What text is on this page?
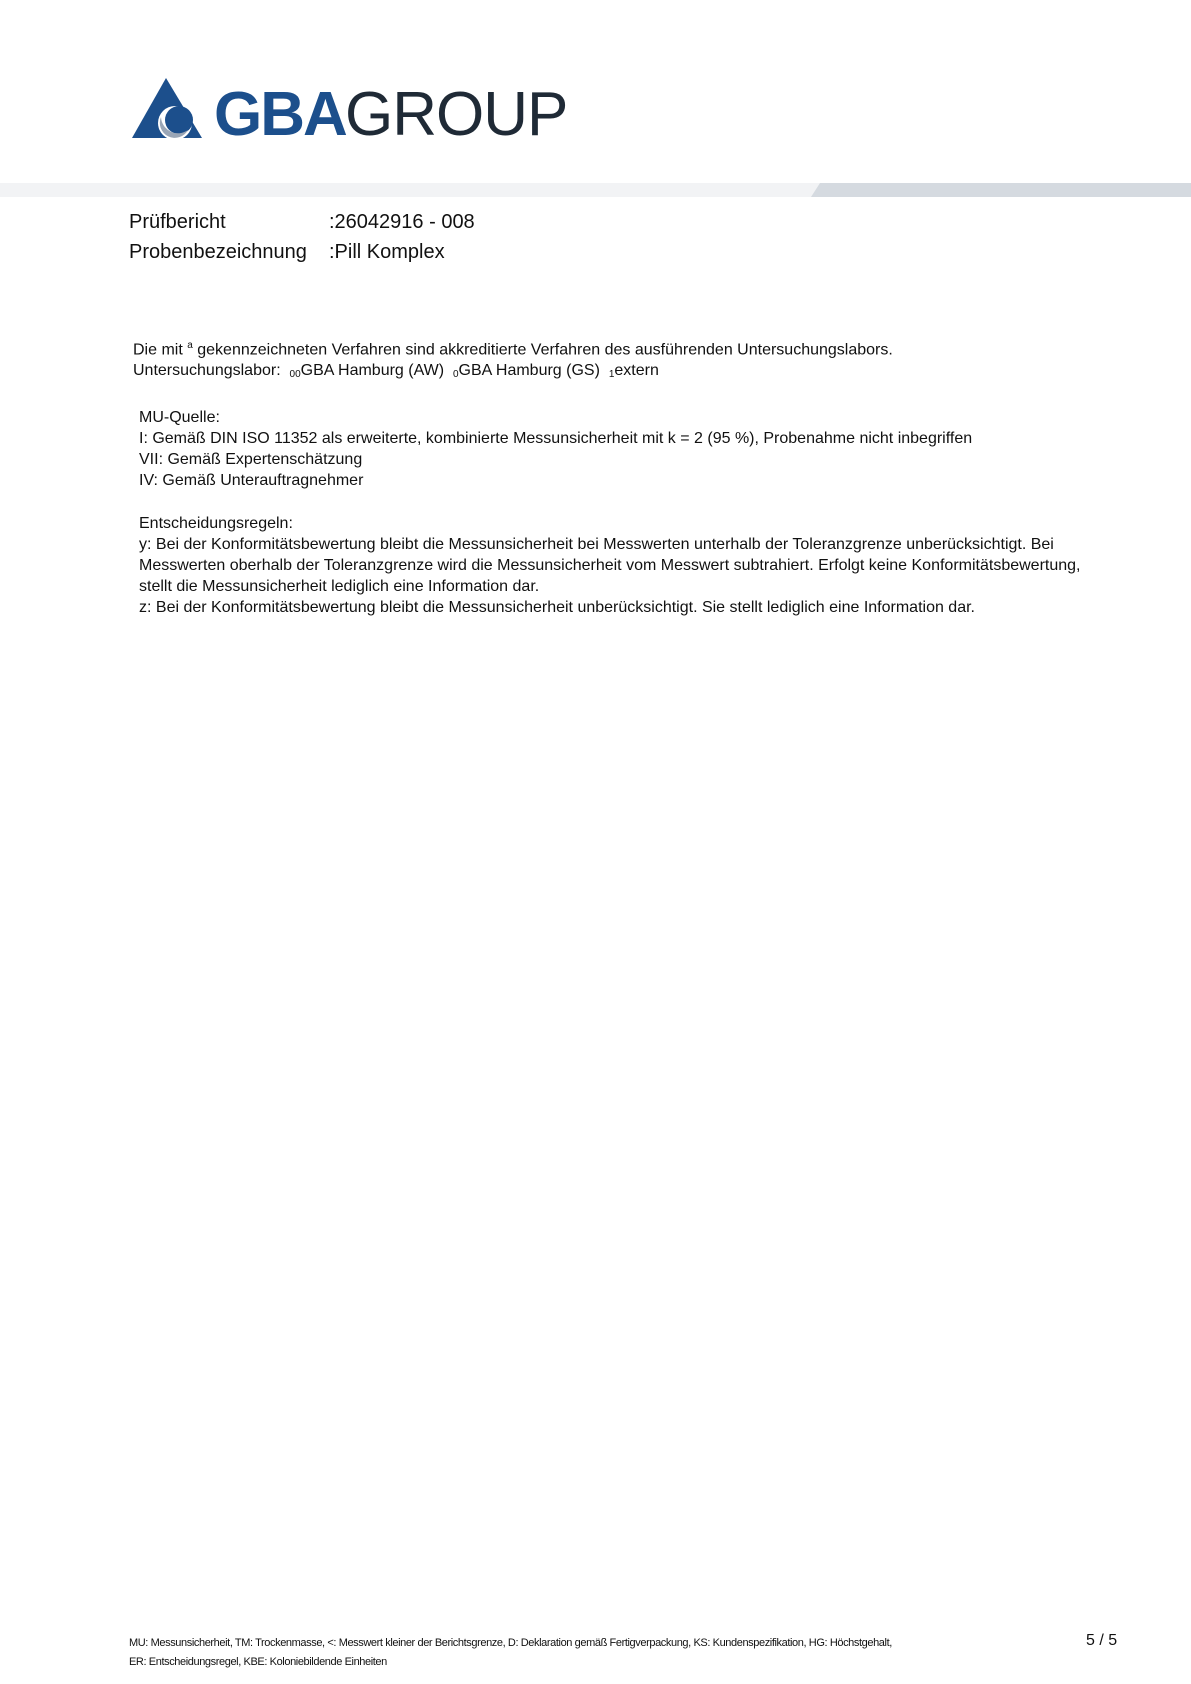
GBA GROUP
Prüfbericht	:26042916 - 008
Probenbezeichnung :Pill Komplex
Die mit $^a$ gekennzeichneten Verfahren sind akkreditierte Verfahren des ausführenden Untersuchungslabors.
Untersuchungslabor: $_{00}$GBA Hamburg (AW) $_0$GBA Hamburg (GS) $_1$extern

MU-Quelle:

I: Gemäß DIN ISO 11352 als erweiterte, kombinierte Messunsicherheit mit k = 2 (95 %), Probenahme nicht inbegriffen

VII: Gemäß Expertenschätzung

IV: Gemäß Unterauftragnehmer

Entscheidungsregeln:

y: Bei der Konformitätsbewertung bleibt die Messunsicherheit bei Messwerten unterhalb der Toleranzgrenze unberücksichtigt. Bei Messwerten oberhalb der Toleranzgrenze wird die Messunsicherheit vom Messwert subtrahiert. Erfolgt keine Konformitätsbewertung, stellt die Messunsicherheit lediglich eine Information dar.

z: Bei der Konformitätsbewertung bleibt die Messunsicherheit unberücksichtigt. Sie stellt lediglich eine Information dar.

MU: Messunsicherheit, TM: Trockenmasse, <: Messwert kleiner der Berichtsgrenze, D: Deklaration gemäß Fertigverpackung, KS: Kundenspezifikation, HG: Höchstgehalt,
ER: Entscheidungsregel, KBE: Koloniebildende Einheiten
5 / 5
